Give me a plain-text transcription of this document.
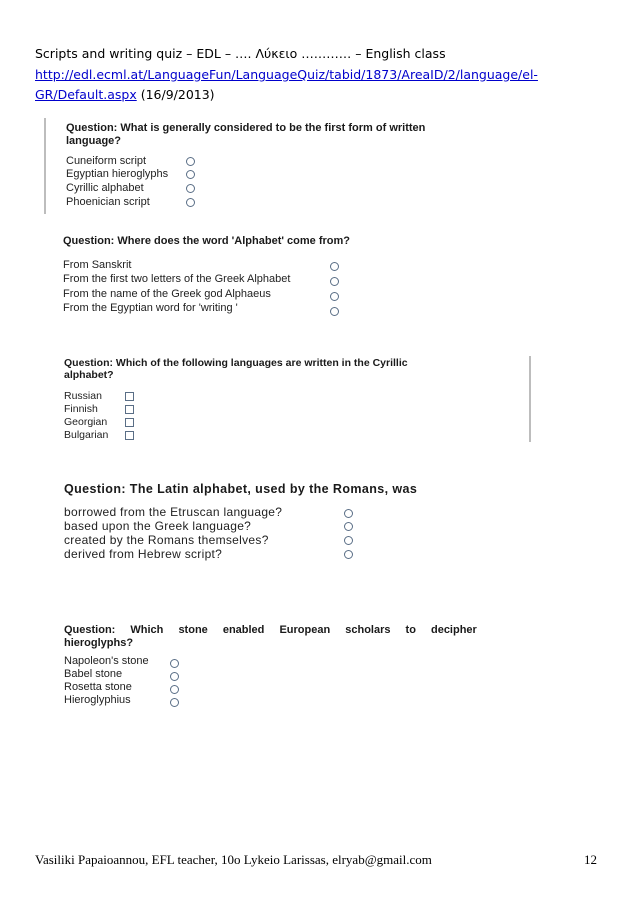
Scripts and writing quiz – EDL – …. Λύκειο ………… – English class
http://edl.ecml.at/LanguageFun/LanguageQuiz/tabid/1873/AreaID/2/language/el-
GR/Default.aspx (16/9/2013)
Question: What is generally considered to be the first form of written
language?
Cuneiform script
Egyptian hieroglyphs
Cyrillic alphabet
Phoenician script
Question: Where does the word 'Alphabet' come from?
From Sanskrit
From the first two letters of the Greek Alphabet
From the name of the Greek god Alphaeus
From the Egyptian word for 'writing '
Question: Which of the following languages are written in the Cyrillic
alphabet?
Russian
Finnish
Georgian
Bulgarian
Question: The Latin alphabet, used by the Romans, was
borrowed from the Etruscan language?
based upon the Greek language?
created by the Romans themselves?
derived from Hebrew script?
Question: Which stone enabled European scholars to decipher
hieroglyphs?
Napoleon's stone
Babel stone
Rosetta stone
Hieroglyphius
Vasiliki Papaioannou, EFL teacher, 10o Lykeio Larissas, elryab@gmail.com	12
